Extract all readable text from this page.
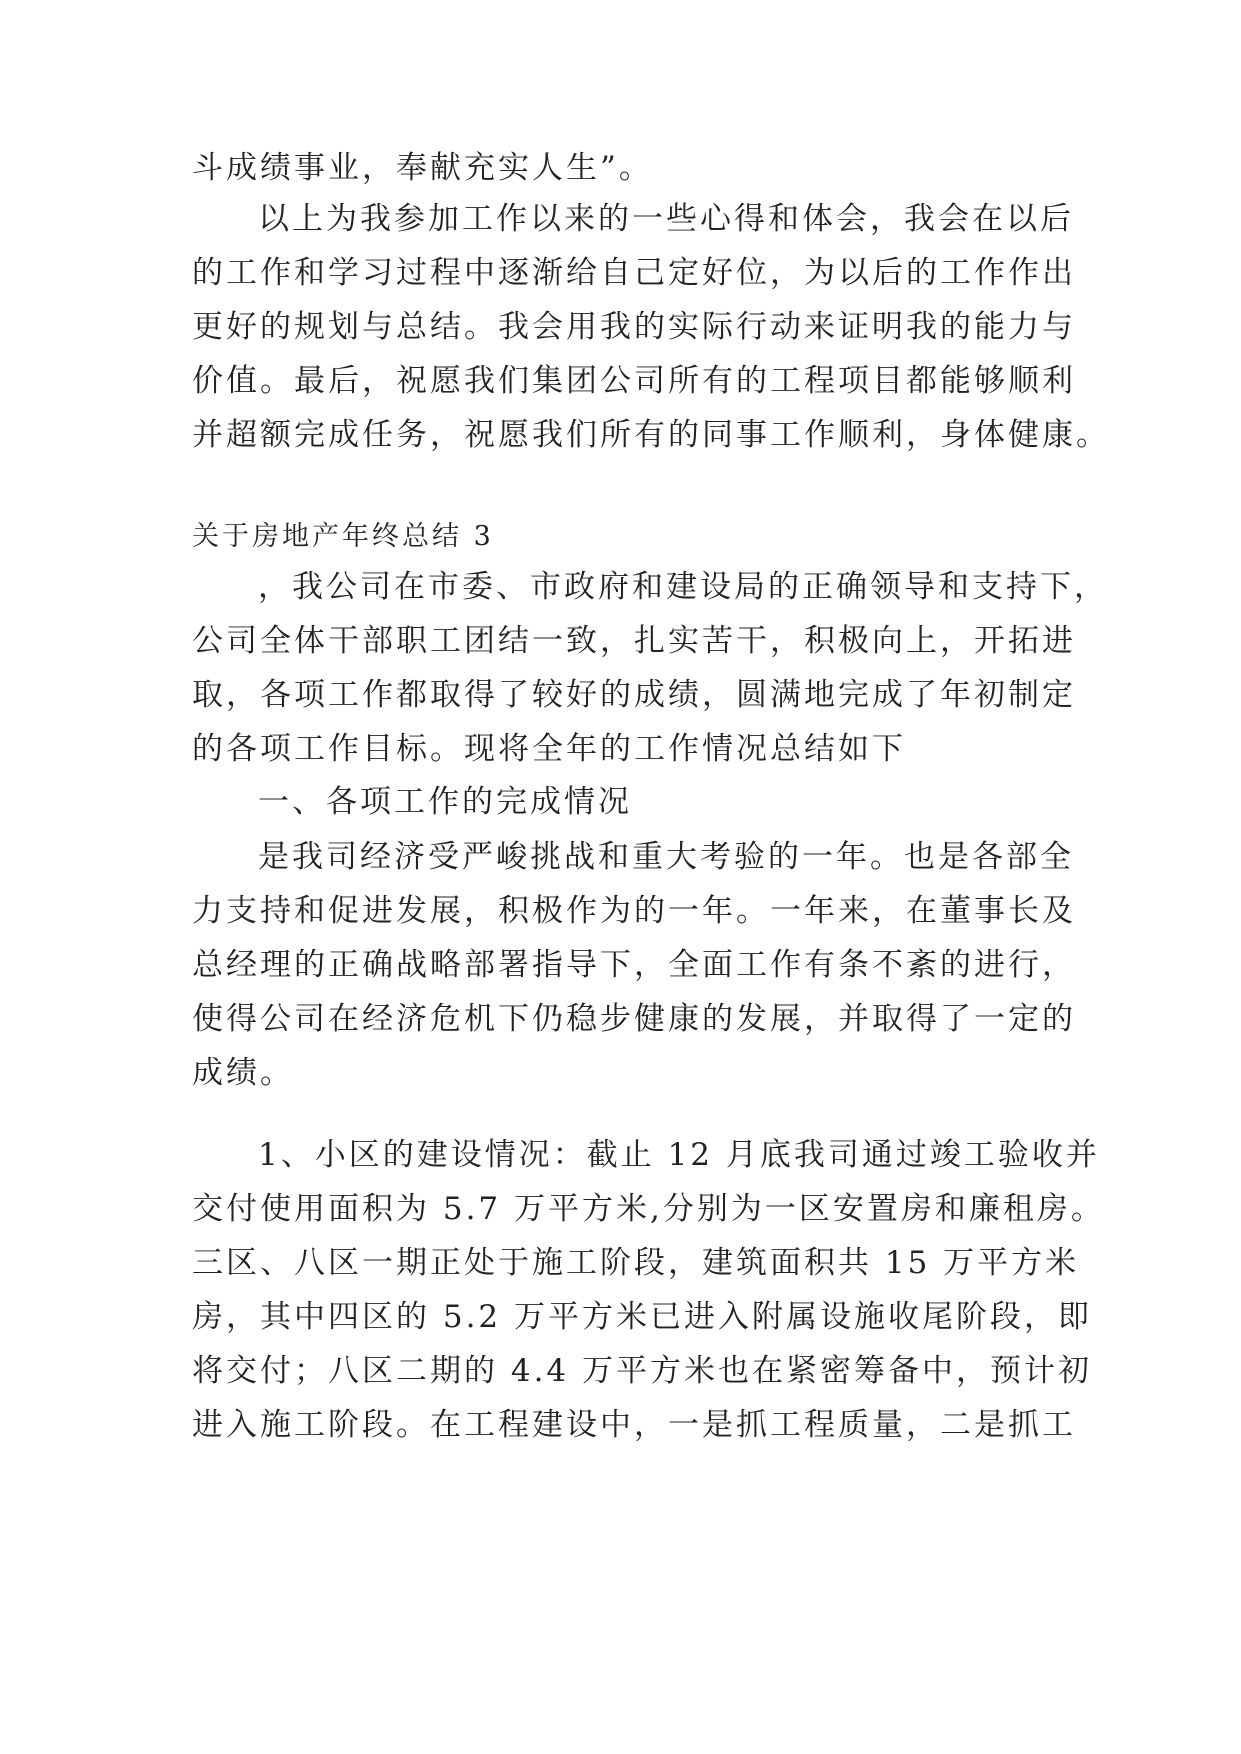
斗成绩事业，奉献充实人生”。
以上为我参加工作以来的一些心得和体会，我会在以后
的工作和学习过程中逐渐给自己定好位，为以后的工作作出
更好的规划与总结。我会用我的实际行动来证明我的能力与
价值。最后，祝愿我们集团公司所有的工程项目都能够顺利
并超额完成任务，祝愿我们所有的同事工作顺利，身体健康。
关于房地产年终总结 3
，我公司在市委、市政府和建设局的正确领导和支持下，
公司全体干部职工团结一致，扎实苦干，积极向上，开拓进
取，各项工作都取得了较好的成绩，圆满地完成了年初制定
的各项工作目标。现将全年的工作情况总结如下
一、各项工作的完成情况
是我司经济受严峻挑战和重大考验的一年。也是各部全
力支持和促进发展，积极作为的一年。一年来，在董事长及
总经理的正确战略部署指导下，全面工作有条不紊的进行，
使得公司在经济危机下仍稳步健康的发展，并取得了一定的
成绩。
1、小区的建设情况：截止 12 月底我司通过竣工验收并
交付使用面积为 5.7 万平方米,分别为一区安置房和廉租房。
三区、八区一期正处于施工阶段，建筑面积共 15 万平方米
房，其中四区的 5.2 万平方米已进入附属设施收尾阶段，即
将交付；八区二期的 4.4 万平方米也在紧密筹备中，预计初
进入施工阶段。在工程建设中，一是抓工程质量，二是抓工
